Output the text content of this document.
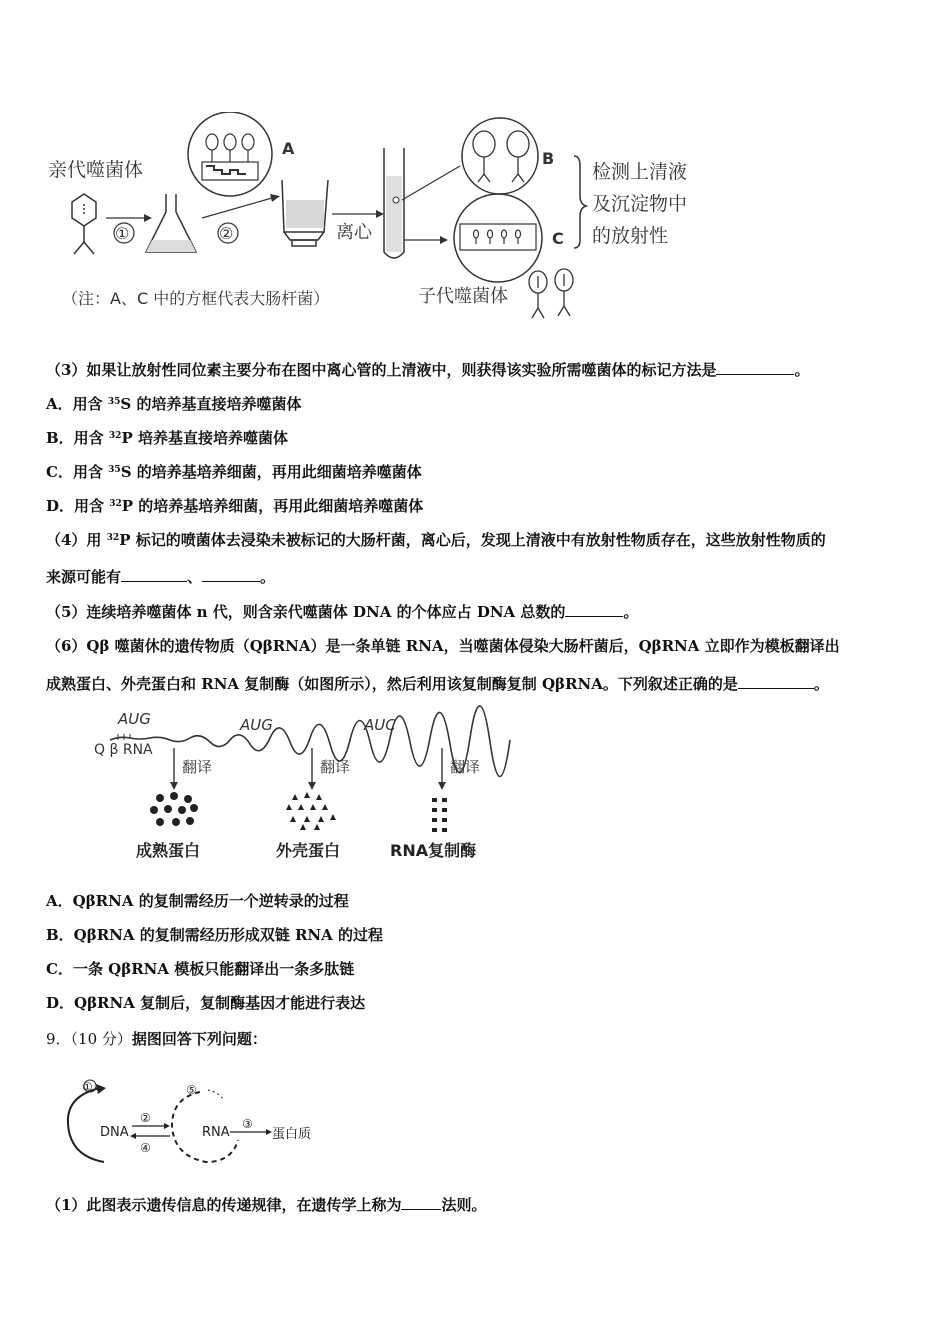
亲代噬菌体
①	②
A
离心
B
C
检测上清液
及沉淀物中
的放射性
（注：A、C 中的方框代表大肠杆菌）	子代噬菌体
（3）如果让放射性同位素主要分布在图中离心管的上清液中，则获得该实验所需噬菌体的标记方法是	。
A．用含 $^{35}$S 的培养基直接培养噬菌体
B．用含 $^{32}$P 培养基直接培养噬菌体
C．用含 $^{35}$S 的培养基培养细菌，再用此细菌培养噬菌体
D．用含 $^{32}$P 的培养基培养细菌，再用此细菌培养噬菌体
（4）用 $^{32}$P 标记的喷菌体去浸染未被标记的大肠杆菌，离心后，发现上清液中有放射性物质存在，这些放射性物质的
来源可能有	、	。
（5）连续培养噬菌体 n 代，则含亲代噬菌体 DNA 的个体应占 DNA 总数的	。
（6）Qβ 噬菌休的遗传物质（QβRNA）是一条单链 RNA，当噬菌体侵染大肠杆菌后，QβRNA 立即作为模板翻译出
成熟蛋白、外壳蛋白和 RNA 复制酶（如图所示），然后利用该复制酶复制 QβRNA。下列叙述正确的是	。
AUG	AUG	AUC
Q β RNA
翻译	翻译	翻译
成熟蛋白	外壳蛋白	RNA复制酶
A．QβRNA 的复制需经历一个逆转录的过程
B．QβRNA 的复制需经历形成双链 RNA 的过程
C．一条 QβRNA 模板只能翻译出一条多肽链
D．QβRNA 复制后，复制酶基因才能进行表达
9．（10 分）据图回答下列问题：
①
DNA
②
④
⑤
RNA
③
蛋白质
（1）此图表示遗传信息的传递规律，在遗传学上称为	法则。
